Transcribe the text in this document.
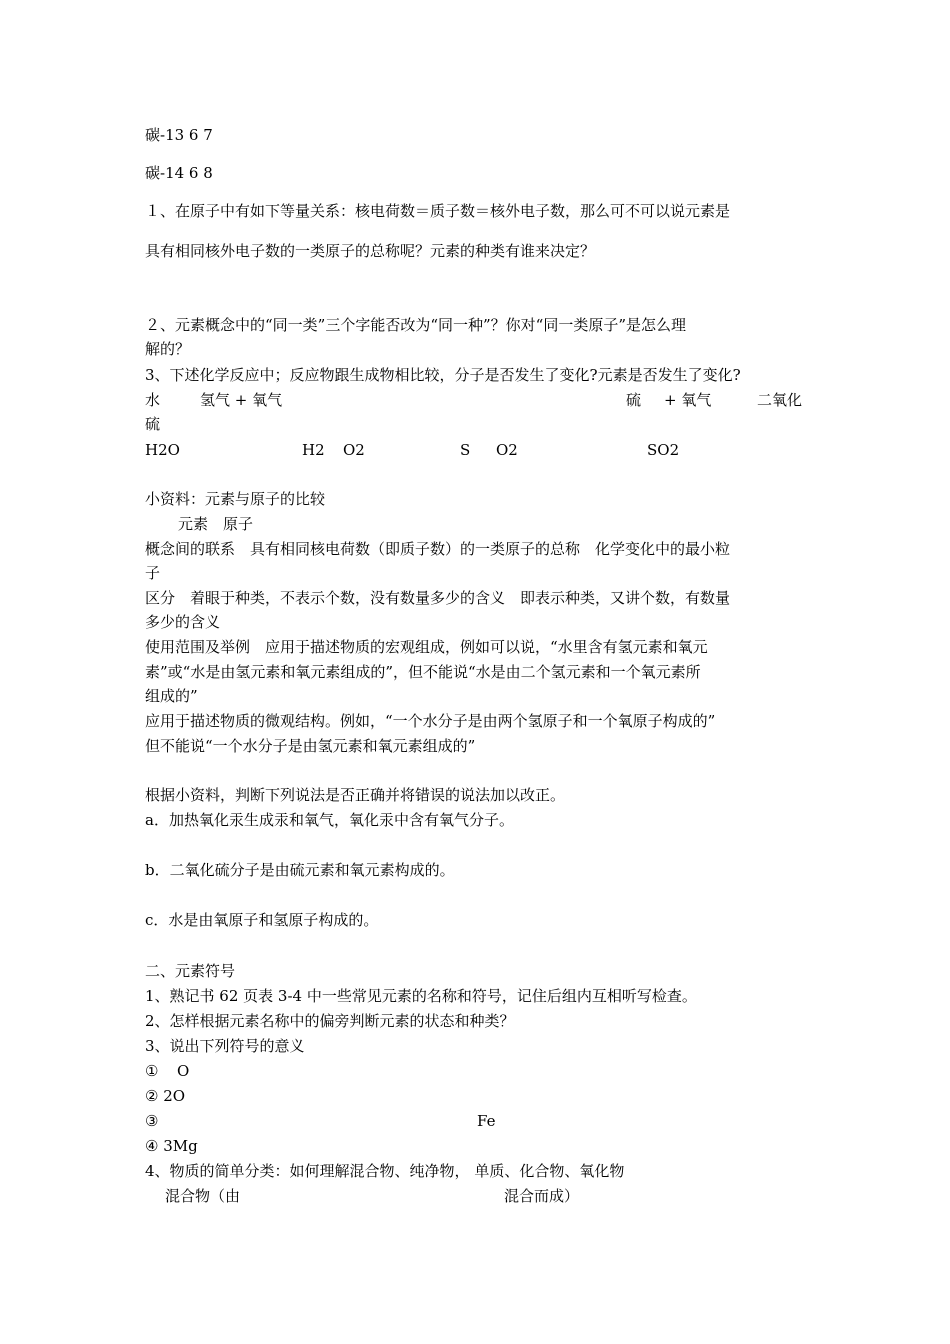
碳-13 6 7
碳-14 6 8
１、在原子中有如下等量关系：核电荷数＝质子数＝核外电子数，那么可不可以说元素是
具有相同核外电子数的一类原子的总称呢？元素的种类有谁来决定？
２、元素概念中的“同一类”三个字能否改为“同一种”？你对“同一类原子”是怎么理
解的？
3、下述化学反应中；反应物跟生成物相比较，分子是否发生了变化?元素是否发生了变化?
水	氢气 + 氧气	硫 + 氧气	二氧化
硫
H2O	H2 O2	S O2	SO2
小资料：元素与原子的比较
元素　原子
概念间的联系　具有相同核电荷数（即质子数）的一类原子的总称　化学变化中的最小粒
子
区分　着眼于种类，不表示个数，没有数量多少的含义　即表示种类，又讲个数，有数量
多少的含义
使用范围及举例　应用于描述物质的宏观组成，例如可以说，“水里含有氢元素和氧元
素”或“水是由氢元素和氧元素组成的”，但不能说“水是由二个氢元素和一个氧元素所
组成的”
应用于描述物质的微观结构。例如，“一个水分子是由两个氢原子和一个氧原子构成的”
但不能说“一个水分子是由氢元素和氧元素组成的”
根据小资料，判断下列说法是否正确并将错误的说法加以改正。
a．加热氧化汞生成汞和氧气，氧化汞中含有氧气分子。
b．二氧化硫分子是由硫元素和氧元素构成的。
c．水是由氧原子和氢原子构成的。
二、元素符号
1、熟记书 62 页表 3-4 中一些常见元素的名称和符号，记住后组内互相听写检查。
2、怎样根据元素名称中的偏旁判断元素的状态和种类？
3、说出下列符号的意义
① O
② 2O
③	Fe
④ 3Mg
4、物质的简单分类：如何理解混合物、纯净物， 单质、化合物、氧化物
混合物（由	混合而成）
